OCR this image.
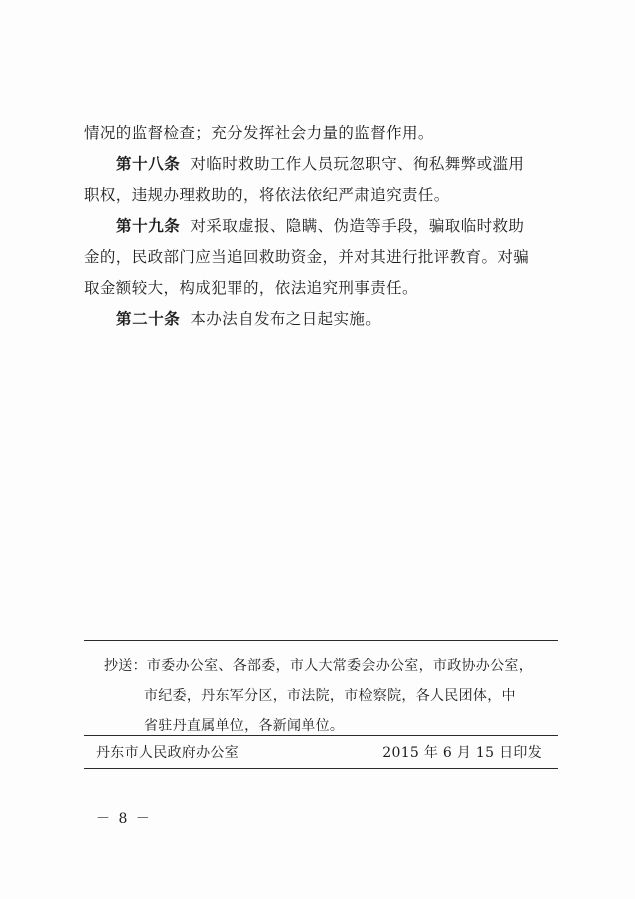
情况的监督检查；充分发挥社会力量的监督作用。
第十八条 对临时救助工作人员玩忽职守、徇私舞弊或滥用
职权，违规办理救助的，将依法依纪严肃追究责任。
第十九条 对采取虚报、隐瞒、伪造等手段，骗取临时救助
金的，民政部门应当追回救助资金，并对其进行批评教育。对骗
取金额较大，构成犯罪的，依法追究刑事责任。
第二十条 本办法自发布之日起实施。
抄送：市委办公室、各部委，市人大常委会办公室，市政协办公室，
市纪委，丹东军分区，市法院，市检察院，各人民团体，中
省驻丹直属单位，各新闻单位。
丹东市人民政府办公室	2015 年 6 月 15 日印发
－ 8 －
